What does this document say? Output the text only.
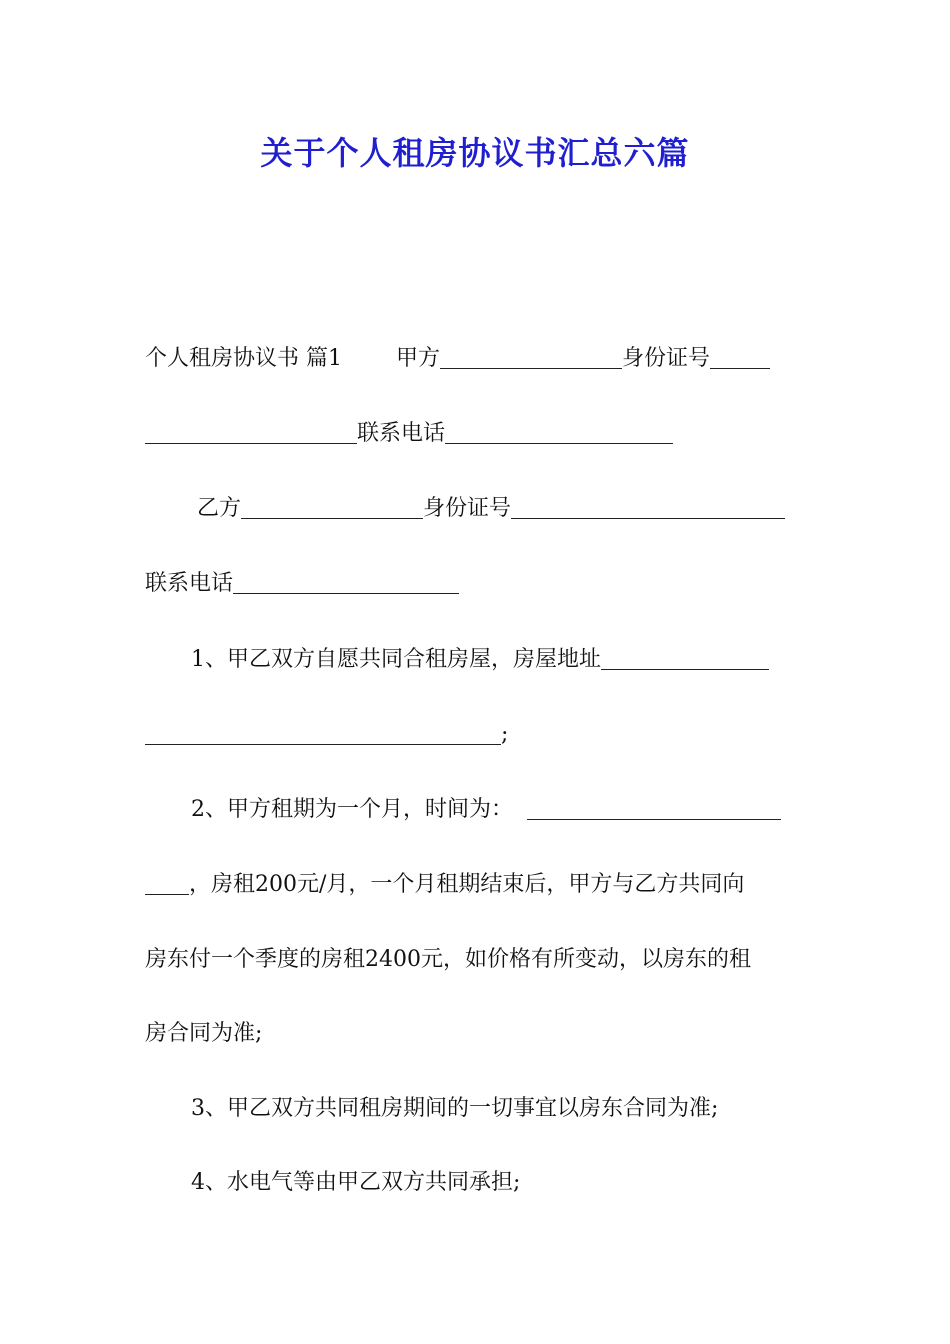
关于个人租房协议书汇总六篇
个人租房协议书 篇1 甲方	身份证号
联系电话
乙方	身份证号
联系电话
1、甲乙双方自愿共同合租房屋，房屋地址
;
2、甲方租期为一个月，时间为：
，房租200元/月，一个月租期结束后，甲方与乙方共同向
房东付一个季度的房租2400元，如价格有所变动，以房东的租
房合同为准;
3、甲乙双方共同租房期间的一切事宜以房东合同为准;
4、水电气等由甲乙双方共同承担;
